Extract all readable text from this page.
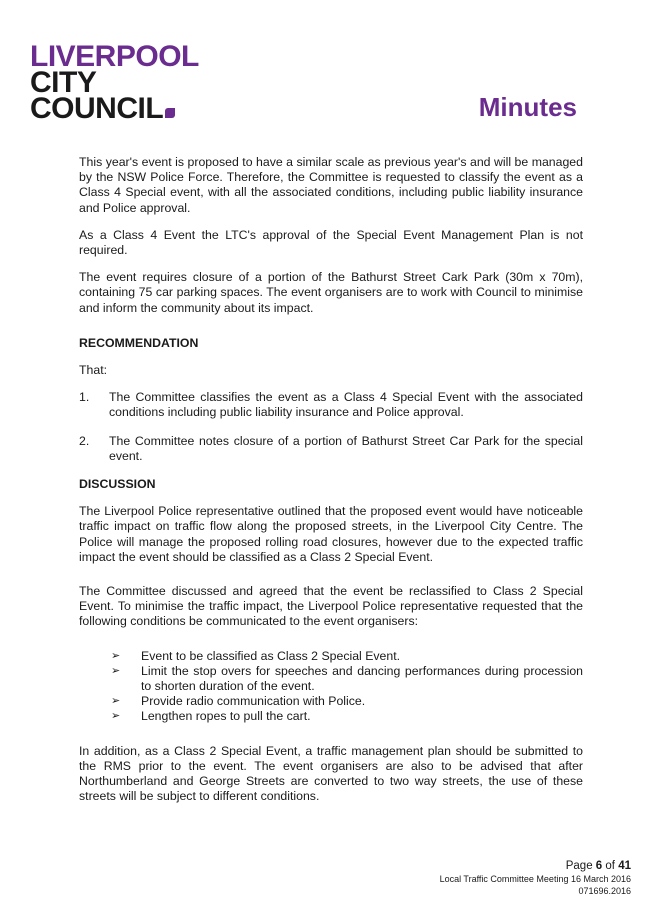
LIVERPOOL
CITY
COUNCIL	Minutes

This year's event is proposed to have a similar scale as previous year's and will be managed by the NSW Police Force. Therefore, the Committee is requested to classify the event as a Class 4 Special event, with all the associated conditions, including public liability insurance and Police approval.

As a Class 4 Event the LTC's approval of the Special Event Management Plan is not required.

The event requires closure of a portion of the Bathurst Street Cark Park (30m x 70m), containing 75 car parking spaces. The event organisers are to work with Council to minimise and inform the community about its impact.

RECOMMENDATION

That:

1.	The Committee classifies the event as a Class 4 Special Event with the associated conditions including public liability insurance and Police approval.
2.	The Committee notes closure of a portion of Bathurst Street Car Park for the special event.
DISCUSSION

The Liverpool Police representative outlined that the proposed event would have noticeable traffic impact on traffic flow along the proposed streets, in the Liverpool City Centre. The Police will manage the proposed rolling road closures, however due to the expected traffic impact the event should be classified as a Class 2 Special Event.

The Committee discussed and agreed that the event be reclassified to Class 2 Special Event. To minimise the traffic impact, the Liverpool Police representative requested that the following conditions be communicated to the event organisers:

➢	Event to be classified as Class 2 Special Event.
➢	Limit the stop overs for speeches and dancing performances during procession to shorten duration of the event.
➢	Provide radio communication with Police.
➢	Lengthen ropes to pull the cart.

In addition, as a Class 2 Special Event, a traffic management plan should be submitted to the RMS prior to the event. The event organisers are also to be advised that after Northumberland and George Streets are converted to two way streets, the use of these streets will be subject to different conditions.

Page 6 of 41
Local Traffic Committee Meeting 16 March 2016
071696.2016
